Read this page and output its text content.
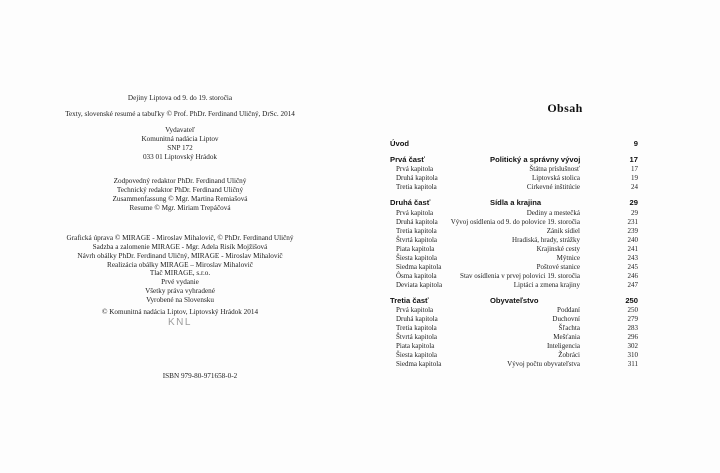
Dejiny Liptova od 9. do 19. storočia
Texty, slovenské resumé a tabuľky © Prof. PhDr. Ferdinand Uličný, DrSc. 2014
Vydavateľ
Komunitná nadácia Liptov
SNP 172
033 01 Liptovský Hrádok
Zodpovedný redaktor PhDr. Ferdinand Uličný
Technický redaktor PhDr. Ferdinand Uličný
Zusammenfassung © Mgr. Martina Remiašová
Resume © Mgr. Miriam Trepáčová
Grafická úprava © MIRAGE - Miroslav Mihalovič, © PhDr. Ferdinand Uličný
Sadzba a zalomenie MIRAGE - Mgr. Adela Risík Mojžišová
Návrh obálky PhDr. Ferdinand Uličný, MIRAGE - Miroslav Mihalovič
Realizácia obálky MIRAGE – Miroslav Mihalovič
Tlač MIRAGE, s.r.o.
Prvé vydanie
Všetky práva vyhradené
Vyrobené na Slovensku
© Komunitná nadácia Liptov, Liptovský Hrádok 2014
KNL
ISBN 979-80-971658-0-2
Obsah
Úvod	9
Prvá časť	Politický a správny vývoj	17
Prvá kapitola	Štátna príslušnosť	17
Druhá kapitola	Liptovská stolica	19
Tretia kapitola	Cirkevné inštitúcie	24
Druhá časť	Sídla a krajina	29
Prvá kapitola	Dediny a mestečká	29
Druhá kapitola Vývoj osídlenia od 9. do polovice 19. storočia	231
Tretia kapitola	Zánik sídiel	239
Štvrtá kapitola	Hradiská, hrady, strážky	240
Piata kapitola	Krajinské cesty	241
Šiesta kapitola	Mýtnice	243
Siedma kapitola	Poštové stanice	245
Ôsma kapitola	Stav osídlenia v prvej polovici 19. storočia	246
Deviata kapitola	Liptáci a zmena krajiny	247
Tretia časť	Obyvateľstvo	250
Prvá kapitola	Poddaní	250
Druhá kapitola	Duchovní	279
Tretia kapitola	Šľachta	283
Štvrtá kapitola	Mešťania	296
Piata kapitola	Inteligencia	302
Šiesta kapitola	Žobráci	310
Siedma kapitola	Vývoj počtu obyvateľstva	311
